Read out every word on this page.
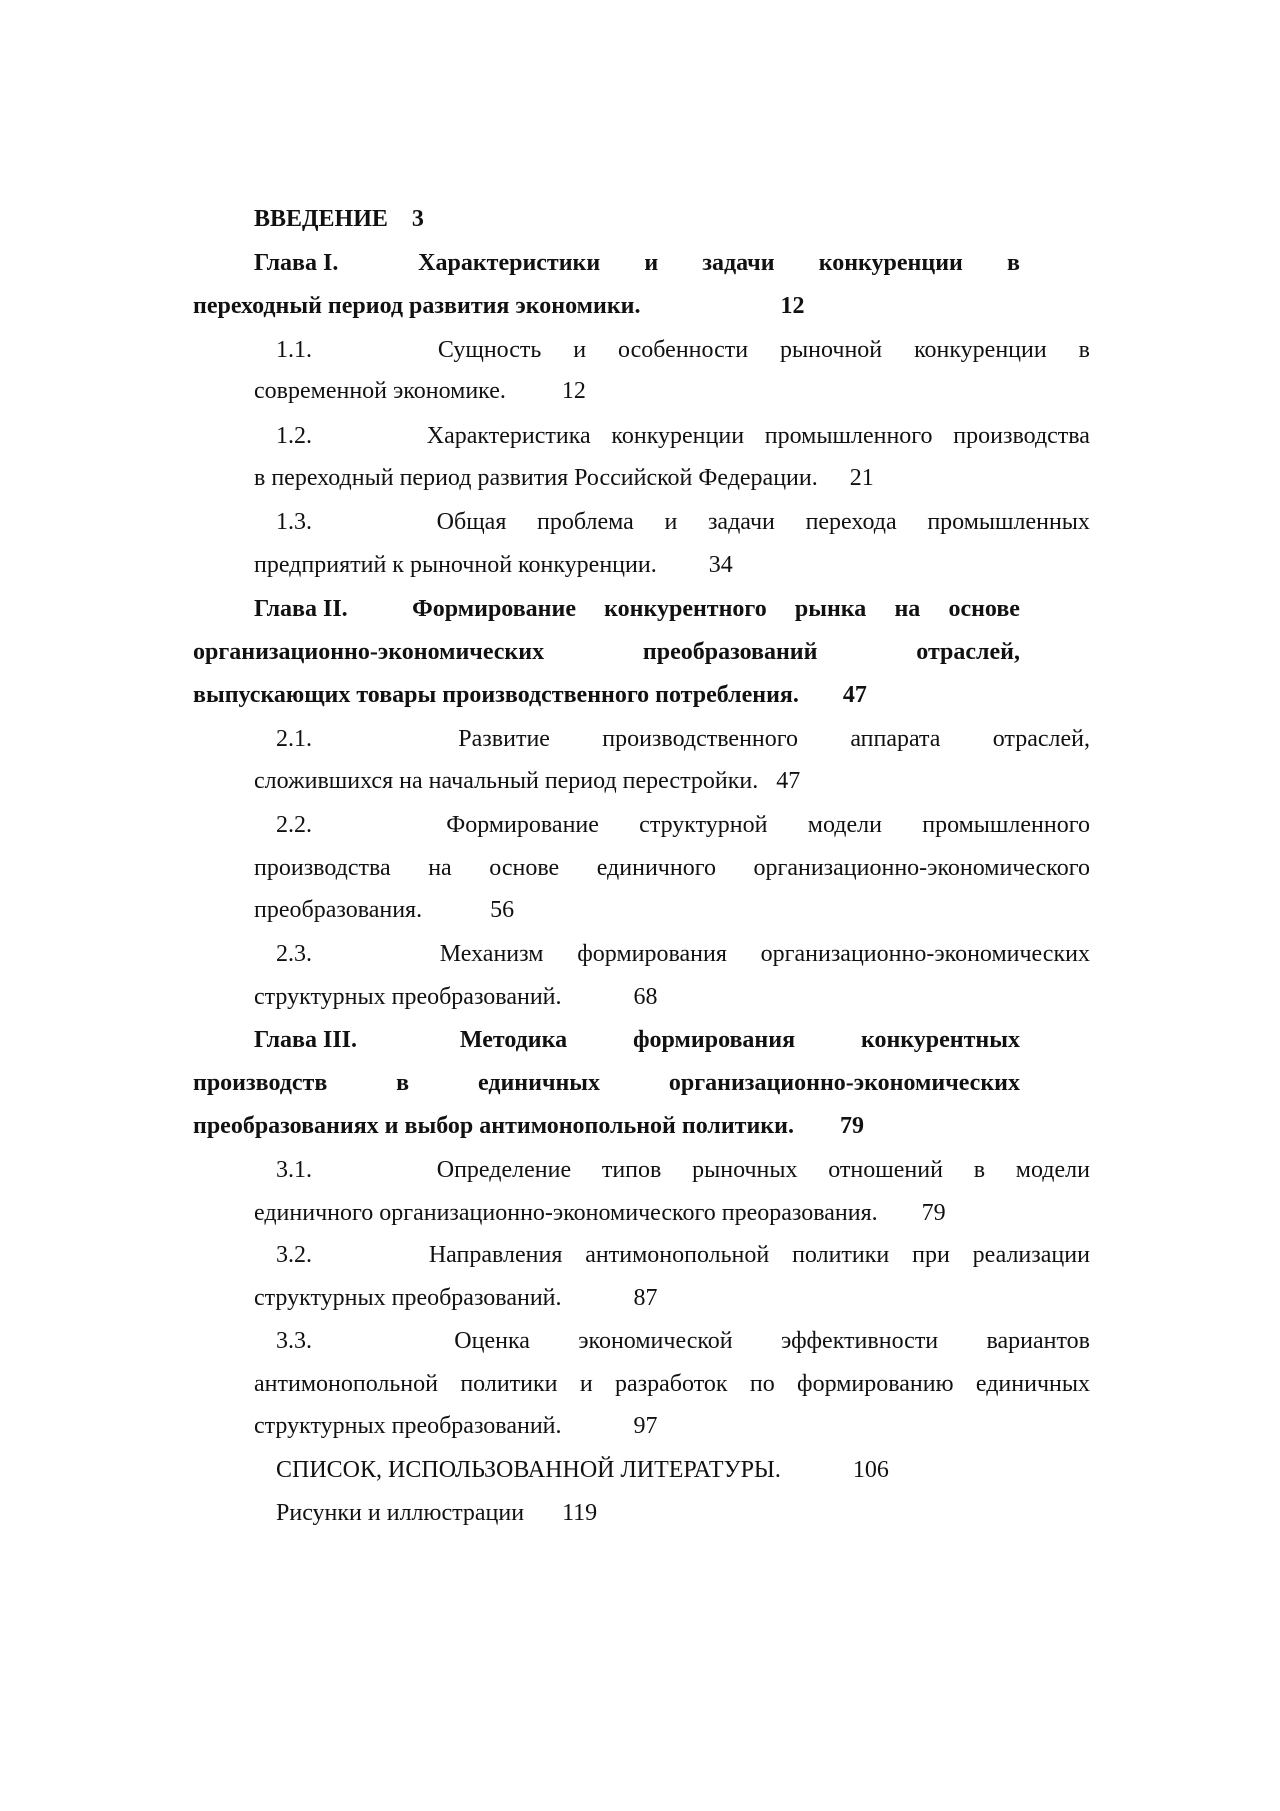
ВВЕДЕНИЕ 3
Глава I.	Характеристики и задачи конкуренции в
переходный период развития экономики.	12
1.1.	Сущность и особенности рыночной конкуренции в
современной экономике. 12
1.2.	Характеристика конкуренции промышленного производства
в переходный период развития Российской Федерации. 21
1.3.	Общая проблема и задачи перехода промышленных
предприятий к рыночной конкуренции. 34
Глава II.	Формирование конкурентного рынка на основе
организационно-экономических	преобразований	отраслей,
выпускающих товары производственного потребления. 47
2.1.	Развитие производственного аппарата отраслей,
сложившихся на начальный период перестройки. 47
2.2.	Формирование структурной модели промышленного
производства на основе единичного организационно-экономического
преобразования.	56
2.3.	Механизм формирования организационно-экономических
структурных преобразований.	68
Глава III.	Методика	формирования	конкурентных
производств	в	единичных	организационно-экономических
преобразованиях и выбор антимонопольной политики. 79
3.1.	Определение типов рыночных отношений в модели
единичного организационно-экономического преоразования. 79
3.2.	Направления антимонопольной политики при реализации
структурных преобразований.	87
3.3.	Оценка экономической эффективности вариантов
антимонопольной политики и разработок по формированию единичных
структурных преобразований.	97
СПИСОК, ИСПОЛЬЗОВАННОЙ ЛИТЕРАТУРЫ.	106
Рисунки и иллюстрации 119
